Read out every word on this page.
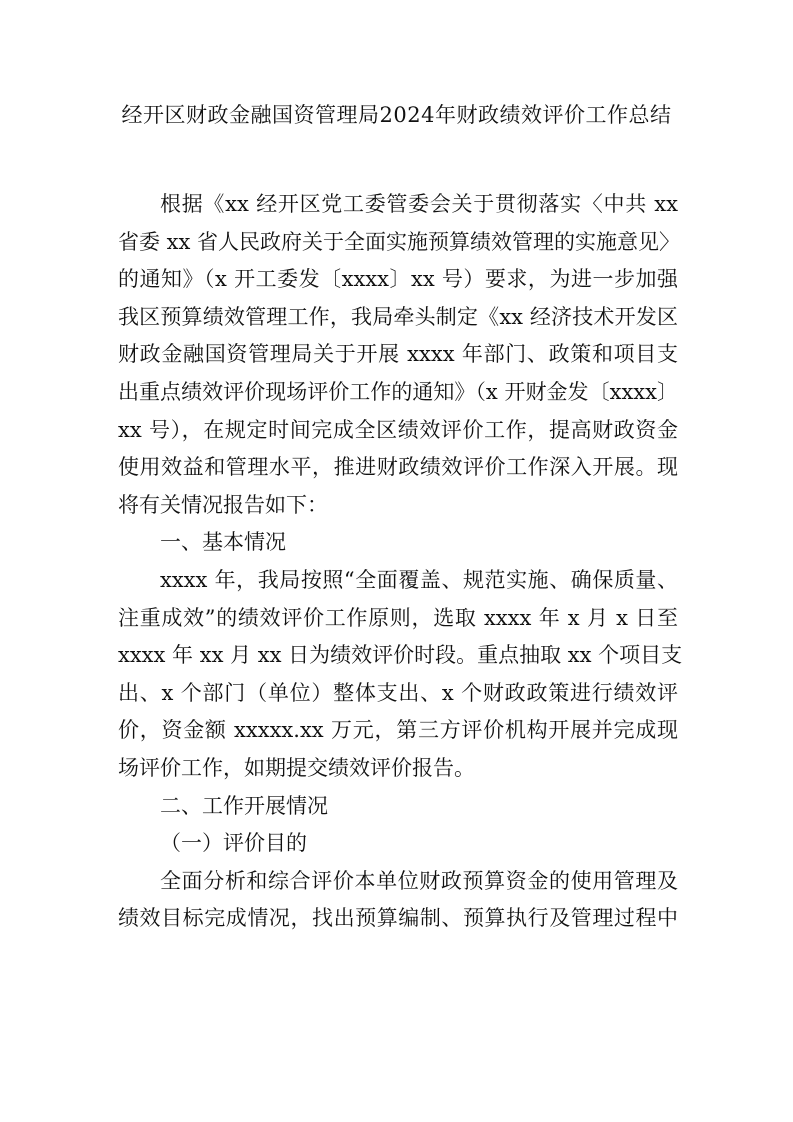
经开区财政金融国资管理局2024年财政绩效评价工作总结
根据《xx 经开区党工委管委会关于贯彻落实〈中共 xx
省委 xx 省人民政府关于全面实施预算绩效管理的实施意见〉
的通知》（x 开工委发〔xxxx〕xx 号）要求，为进一步加强
我区预算绩效管理工作，我局牵头制定《xx 经济技术开发区
财政金融国资管理局关于开展 xxxx 年部门、政策和项目支
出重点绩效评价现场评价工作的通知》（x 开财金发〔xxxx〕
xx 号），在规定时间完成全区绩效评价工作，提高财政资金
使用效益和管理水平，推进财政绩效评价工作深入开展。现
将有关情况报告如下：
一、基本情况
xxxx 年，我局按照“全面覆盖、规范实施、确保质量、
注重成效”的绩效评价工作原则，选取 xxxx 年 x 月 x 日至
xxxx 年 xx 月 xx 日为绩效评价时段。重点抽取 xx 个项目支
出、x 个部门（单位）整体支出、x 个财政政策进行绩效评
价，资金额 xxxxx.xx 万元，第三方评价机构开展并完成现
场评价工作，如期提交绩效评价报告。
二、工作开展情况
（一）评价目的
全面分析和综合评价本单位财政预算资金的使用管理及
绩效目标完成情况，找出预算编制、预算执行及管理过程中
